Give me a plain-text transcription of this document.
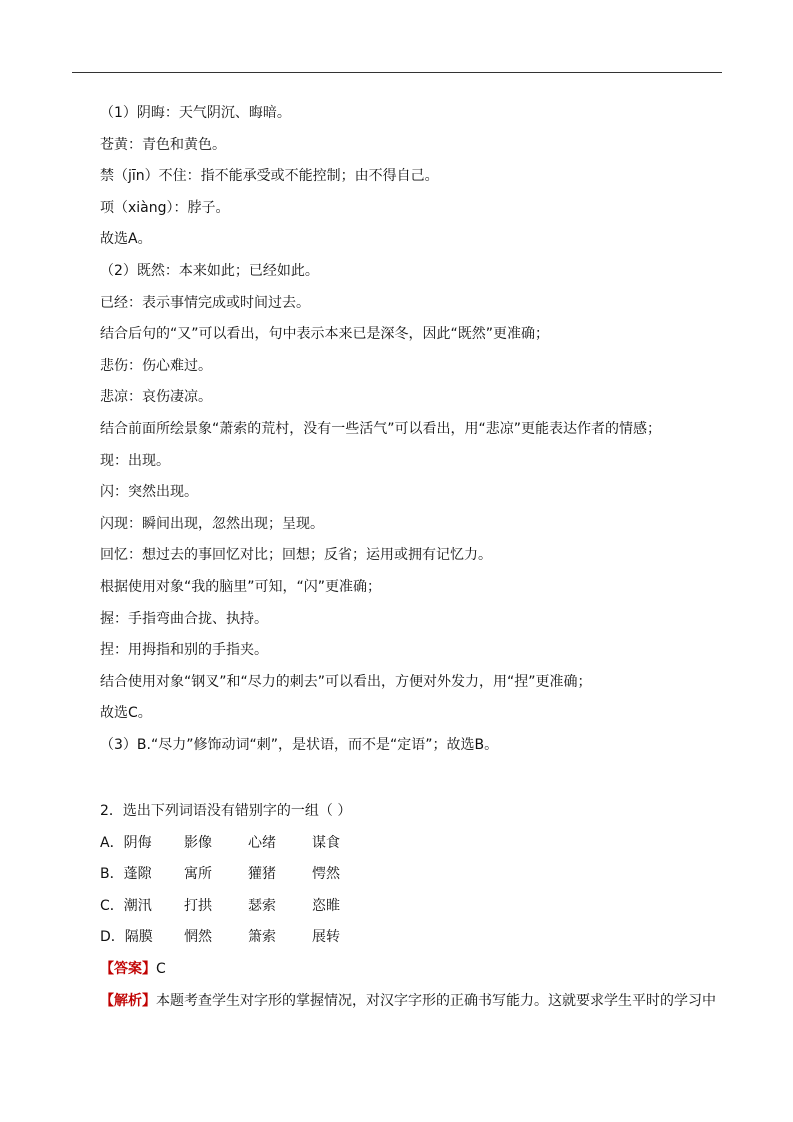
（1）阴晦：天气阴沉、晦暗。
苍黄：青色和黄色。
禁（jīn）不住：指不能承受或不能控制；由不得自己。
项（xiàng）：脖子。
故选A。
（2）既然：本来如此；已经如此。
已经：表示事情完成或时间过去。
结合后句的“又”可以看出，句中表示本来已是深冬，因此“既然”更准确；
悲伤：伤心难过。
悲凉：哀伤凄凉。
结合前面所绘景象“萧索的荒村，没有一些活气”可以看出，用“悲凉”更能表达作者的情感；
现：出现。
闪：突然出现。
闪现：瞬间出现，忽然出现；呈现。
回忆：想过去的事回忆对比；回想；反省；运用或拥有记忆力。
根据使用对象“我的脑里”可知，“闪”更准确；
握：手指弯曲合拢、执持。
捏：用拇指和别的手指夹。
结合使用对象“钢叉”和“尽力的刺去”可以看出，方便对外发力，用“捏”更准确；
故选C。
（3）B.“尽力”修饰动词“刺”，是状语，而不是“定语”；故选B。
2．选出下列词语没有错别字的一组（ ）
A．阴侮 影像	心绪	谋食
B．蓬隙 寓所	獾猪	愕然
C．潮汛 打拱	瑟索	恣睢
D．隔膜 惘然	箫索	展转
【答案】C
【解析】本题考查学生对字形的掌握情况，对汉字字形的正确书写能力。这就要求学生平时的学习中
